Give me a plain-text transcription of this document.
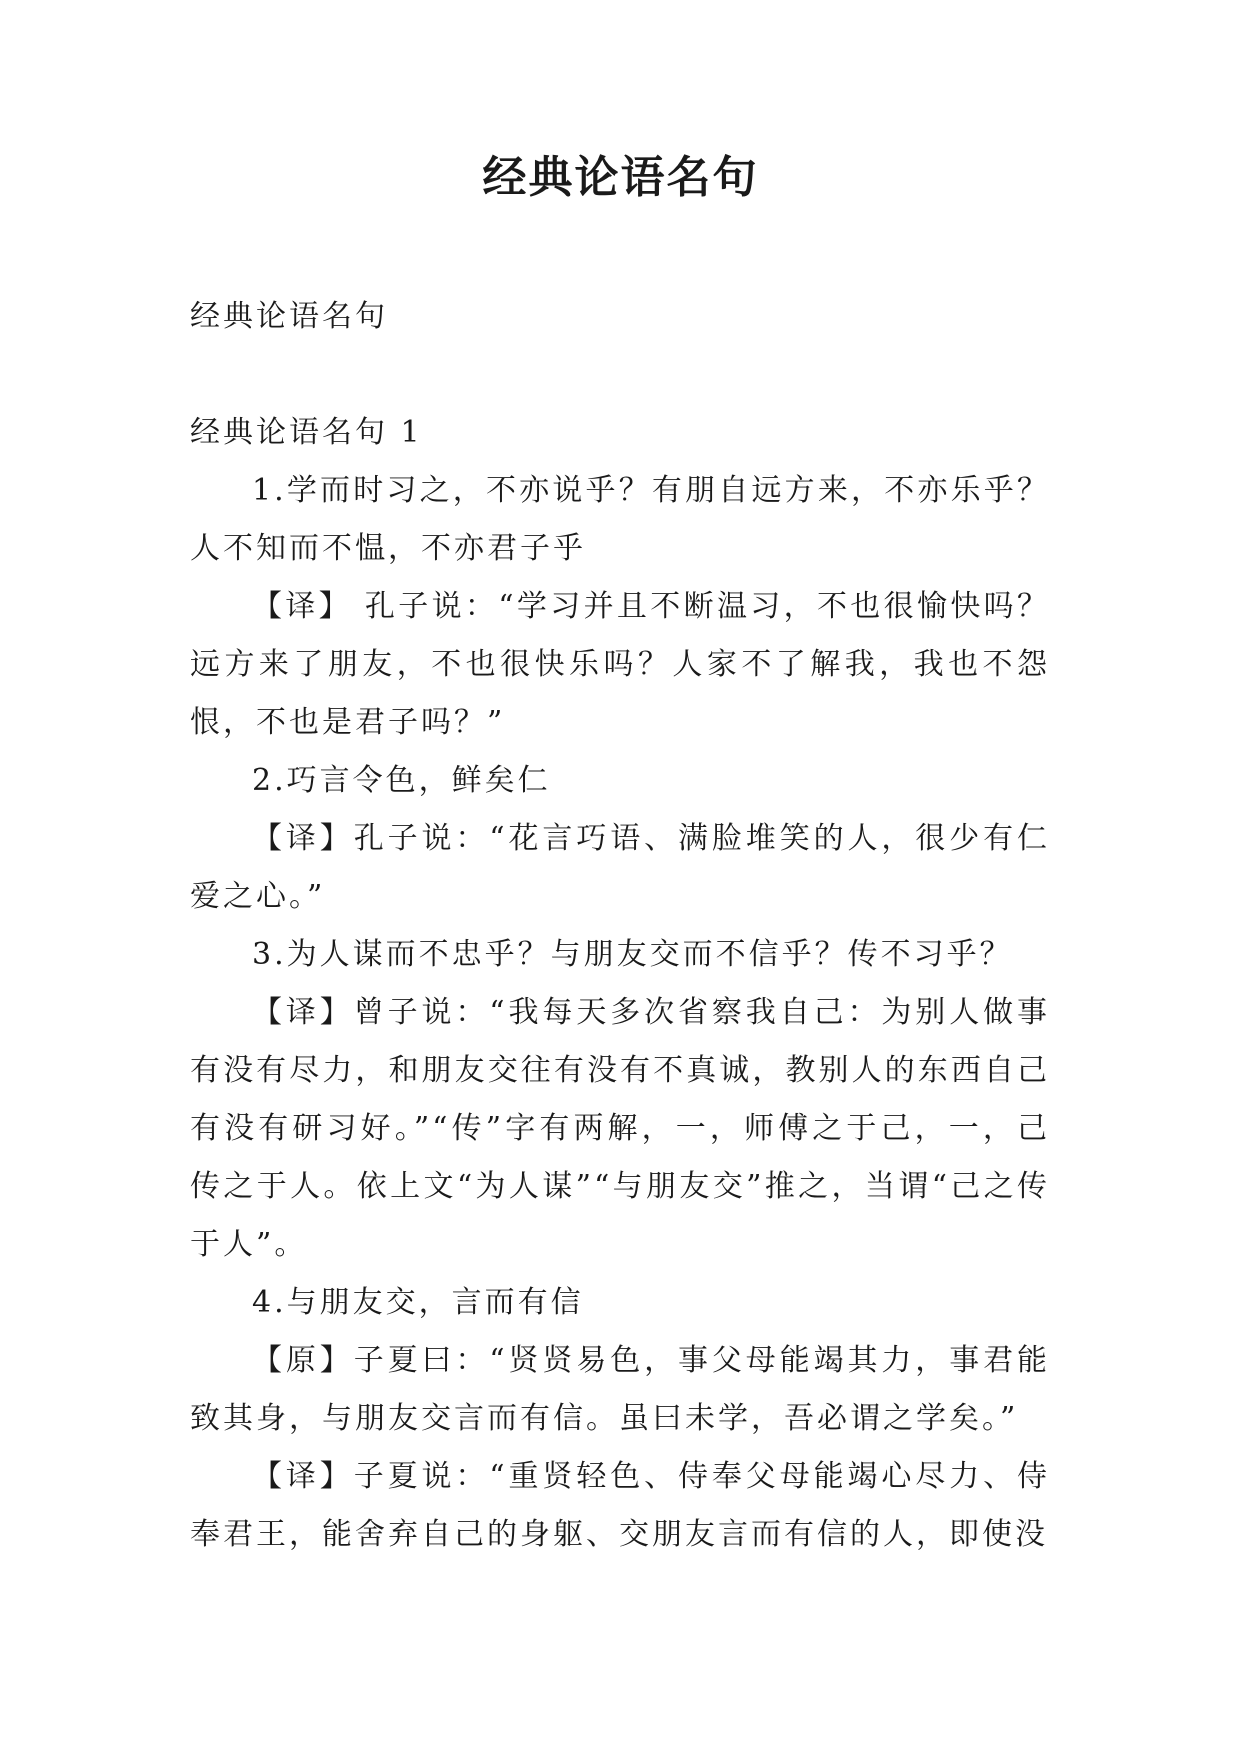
经典论语名句

经典论语名句

经典论语名句 1

1.学而时习之，不亦说乎？有朋自远方来，不亦乐乎？人不知而不愠，不亦君子乎

【译】 孔子说：“学习并且不断温习，不也很愉快吗？远方来了朋友，不也很快乐吗？人家不了解我，我也不怨恨，不也是君子吗？”

2.巧言令色，鲜矣仁

【译】孔子说：“花言巧语、满脸堆笑的人，很少有仁爱之心。”

3.为人谋而不忠乎？与朋友交而不信乎？传不习乎？

【译】曾子说：“我每天多次省察我自己：为别人做事有没有尽力，和朋友交往有没有不真诚，教别人的东西自己有没有研习好。”“传”字有两解，一，师傅之于己，一，己传之于人。依上文“为人谋”“与朋友交”推之，当谓“己之传于人”。

4.与朋友交，言而有信

【原】子夏曰：“贤贤易色，事父母能竭其力，事君能致其身，与朋友交言而有信。虽曰未学，吾必谓之学矣。”

【译】子夏说：“重贤轻色、侍奉父母能竭心尽力、侍奉君王，能舍弃自己的身躯、交朋友言而有信的人，即使没
